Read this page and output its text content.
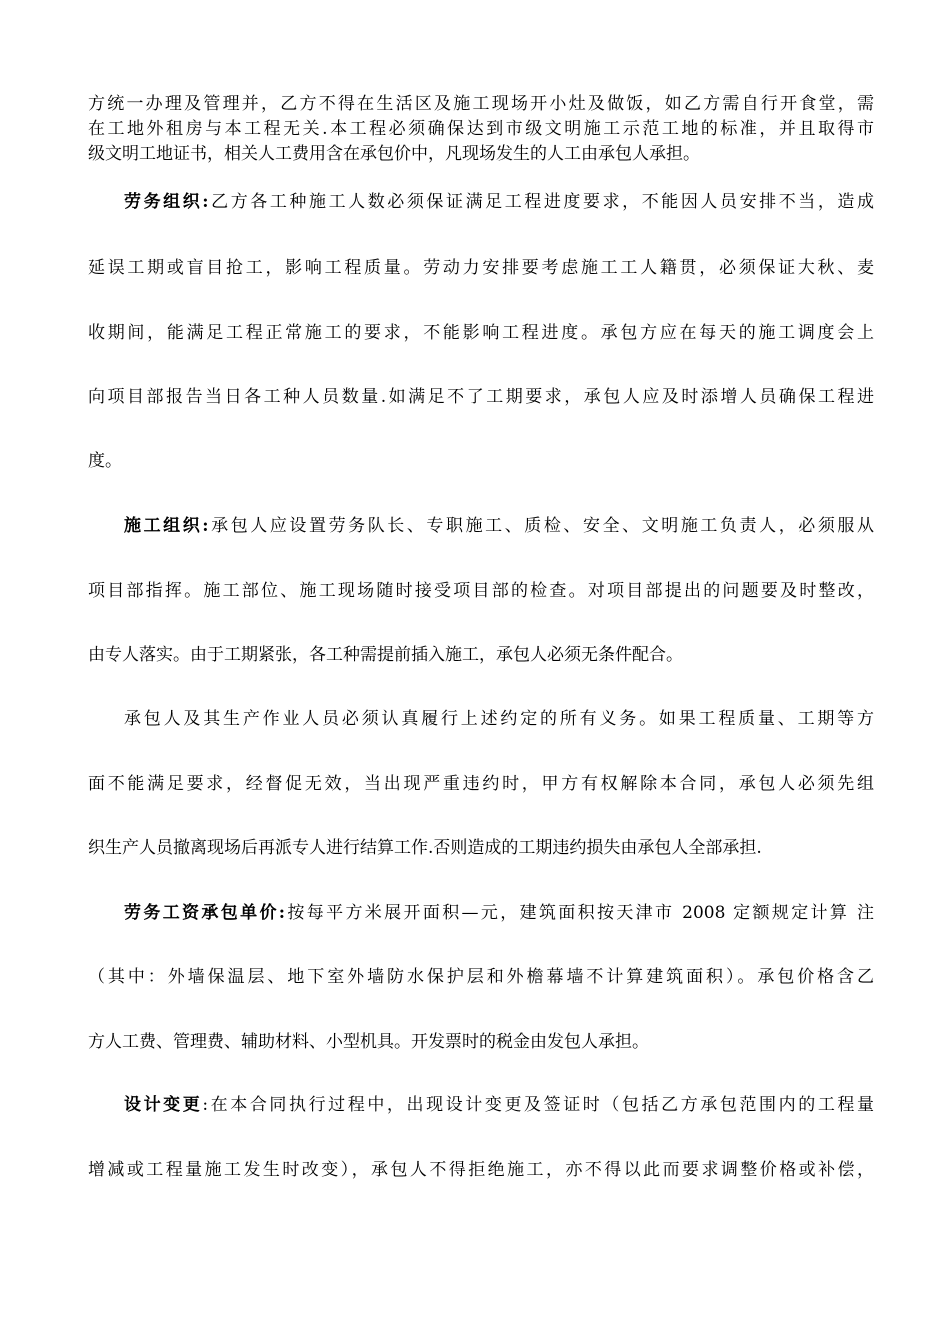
方统一办理及管理并，乙方不得在生活区及施工现场开小灶及做饭，如乙方需自行开食堂，需
在工地外租房与本工程无关.本工程必须确保达到市级文明施工示范工地的标准，并且取得市
级文明工地证书，相关人工费用含在承包价中，凡现场发生的人工由承包人承担。
劳务组织:乙方各工种施工人数必须保证满足工程进度要求，不能因人员安排不当，造成
延误工期或盲目抢工，影响工程质量。劳动力安排要考虑施工工人籍贯，必须保证大秋、麦
收期间，能满足工程正常施工的要求，不能影响工程进度。承包方应在每天的施工调度会上
向项目部报告当日各工种人员数量.如满足不了工期要求，承包人应及时添增人员确保工程进
度。
施工组织:承包人应设置劳务队长、专职施工、质检、安全、文明施工负责人，必须服从
项目部指挥。施工部位、施工现场随时接受项目部的检查。对项目部提出的问题要及时整改，
由专人落实。由于工期紧张，各工种需提前插入施工，承包人必须无条件配合。
承包人及其生产作业人员必须认真履行上述约定的所有义务。如果工程质量、工期等方
面不能满足要求，经督促无效，当出现严重违约时，甲方有权解除本合同，承包人必须先组
织生产人员撤离现场后再派专人进行结算工作.否则造成的工期违约损失由承包人全部承担.
劳务工资承包单价:按每平方米展开面积—元，建筑面积按天津市 2008 定额规定计算 注
（其中：外墙保温层、地下室外墙防水保护层和外檐幕墙不计算建筑面积）。承包价格含乙
方人工费、管理费、辅助材料、小型机具。开发票时的税金由发包人承担。
设计变更:在本合同执行过程中，出现设计变更及签证时（包括乙方承包范围内的工程量
增减或工程量施工发生时改变），承包人不得拒绝施工，亦不得以此而要求调整价格或补偿，
